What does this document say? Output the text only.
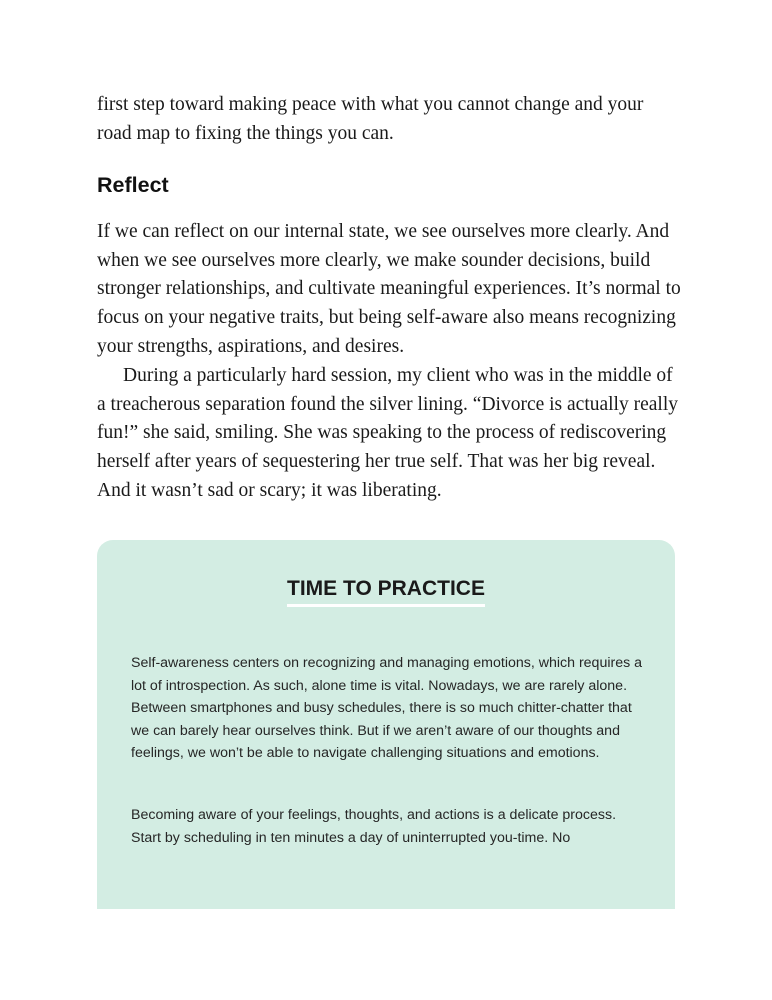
first step toward making peace with what you cannot change and your road map to fixing the things you can.

Reflect

If we can reflect on our internal state, we see ourselves more clearly. And when we see ourselves more clearly, we make sounder decisions, build stronger relationships, and cultivate meaningful experiences. It’s normal to focus on your negative traits, but being self-aware also means recognizing your strengths, aspirations, and desires.

During a particularly hard session, my client who was in the middle of a treacherous separation found the silver lining. “Divorce is actually really fun!” she said, smiling. She was speaking to the process of rediscovering herself after years of sequestering her true self. That was her big reveal. And it wasn’t sad or scary; it was liberating.

TIME TO PRACTICE

Self-awareness centers on recognizing and managing emotions, which requires a lot of introspection. As such, alone time is vital. Nowadays, we are rarely alone. Between smartphones and busy schedules, there is so much chitter-chatter that we can barely hear ourselves think. But if we aren’t aware of our thoughts and feelings, we won’t be able to navigate challenging situations and emotions.

Becoming aware of your feelings, thoughts, and actions is a delicate process. Start by scheduling in ten minutes a day of uninterrupted you-time. No
